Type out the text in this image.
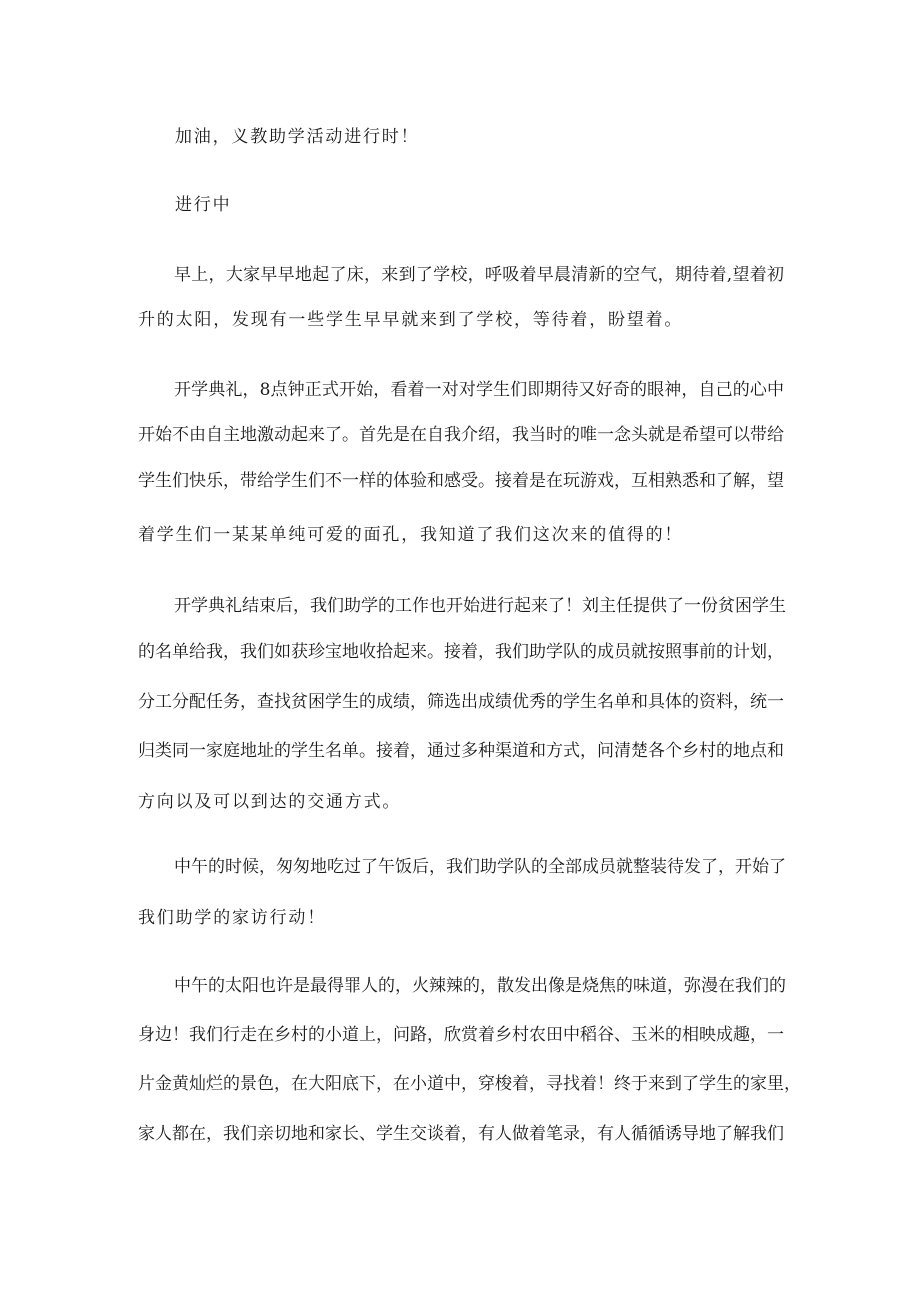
加油，义教助学活动进行时！
进行中
早上，大家早早地起了床，来到了学校，呼吸着早晨清新的空气，期待着,望着初
升的太阳，发现有一些学生早早就来到了学校，等待着，盼望着。
开学典礼，8点钟正式开始，看着一对对学生们即期待又好奇的眼神，自己的心中
开始不由自主地激动起来了。首先是在自我介绍，我当时的唯一念头就是希望可以带给
学生们快乐，带给学生们不一样的体验和感受。接着是在玩游戏，互相熟悉和了解，望
着学生们一某某单纯可爱的面孔，我知道了我们这次来的值得的！
开学典礼结束后，我们助学的工作也开始进行起来了！刘主任提供了一份贫困学生
的名单给我，我们如获珍宝地收拾起来。接着，我们助学队的成员就按照事前的计划，
分工分配任务，查找贫困学生的成绩，筛选出成绩优秀的学生名单和具体的资料，统一
归类同一家庭地址的学生名单。接着，通过多种渠道和方式，问清楚各个乡村的地点和
方向以及可以到达的交通方式。
中午的时候，匆匆地吃过了午饭后，我们助学队的全部成员就整装待发了，开始了
我们助学的家访行动！
中午的太阳也许是最得罪人的，火辣辣的，散发出像是烧焦的味道，弥漫在我们的
身边！我们行走在乡村的小道上，问路，欣赏着乡村农田中稻谷、玉米的相映成趣，一
片金黄灿烂的景色，在大阳底下，在小道中，穿梭着，寻找着！终于来到了学生的家里，
家人都在，我们亲切地和家长、学生交谈着，有人做着笔录，有人循循诱导地了解我们
